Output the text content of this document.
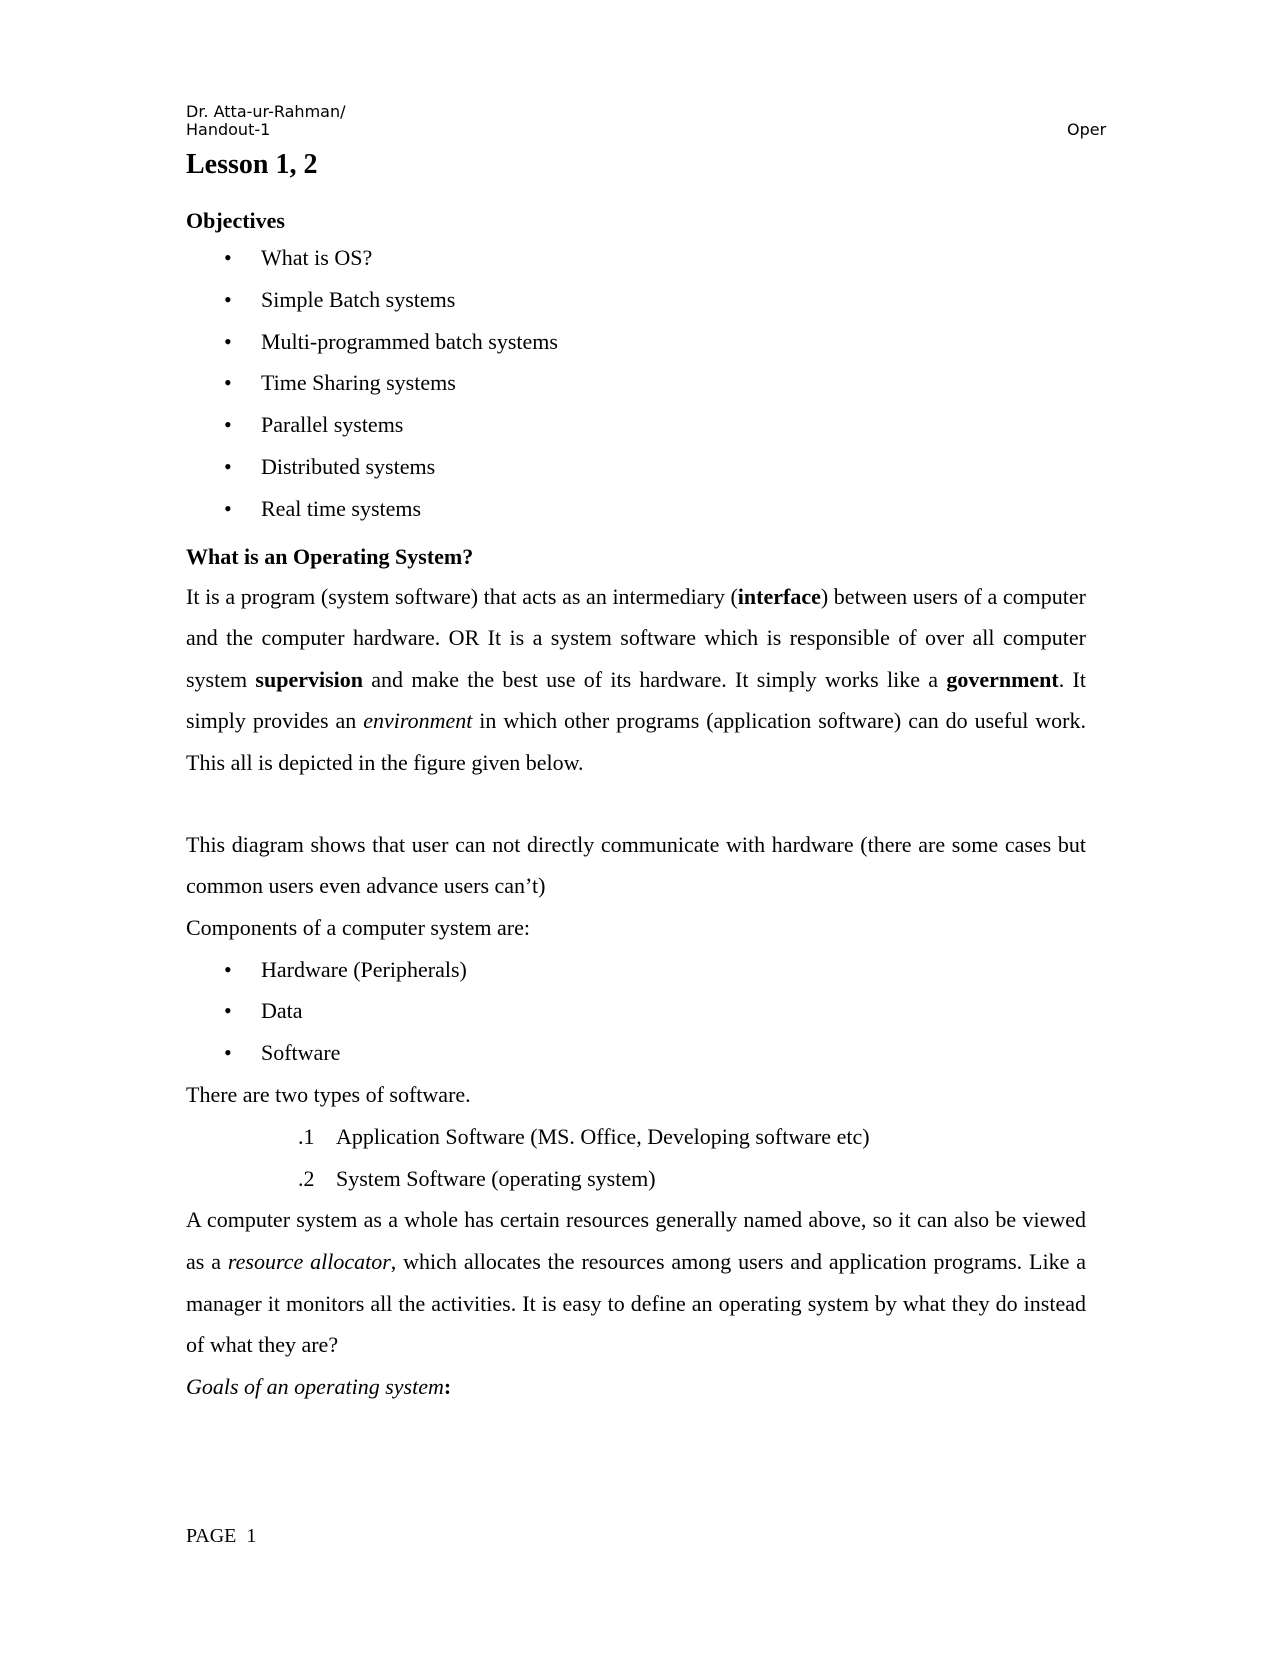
Dr. Atta-ur-Rahman/
Handout-1	Oper
Lesson 1, 2
Objectives
• What is OS?
• Simple Batch systems
• Multi-programmed batch systems
• Time Sharing systems
• Parallel systems
• Distributed systems
• Real time systems
What is an Operating System?

It is a program (system software) that acts as an intermediary (interface) between users of a computer and the computer hardware. OR It is a system software which is responsible of over all computer system supervision and make the best use of its hardware. It simply works like a government. It simply provides an environment in which other programs (application software) can do useful work. This all is depicted in the figure given below.

This diagram shows that user can not directly communicate with hardware (there are some cases but common users even advance users can’t)

Components of a computer system are:

• Hardware (Peripherals)
• Data
• Software

There are two types of software.

.1 Application Software (MS. Office, Developing software etc)
.2 System Software (operating system)

A computer system as a whole has certain resources generally named above, so it can also be viewed as a resource allocator, which allocates the resources among users and application programs. Like a manager it monitors all the activities. It is easy to define an operating system by what they do instead of what they are?

Goals of an operating system:

PAGE 1
